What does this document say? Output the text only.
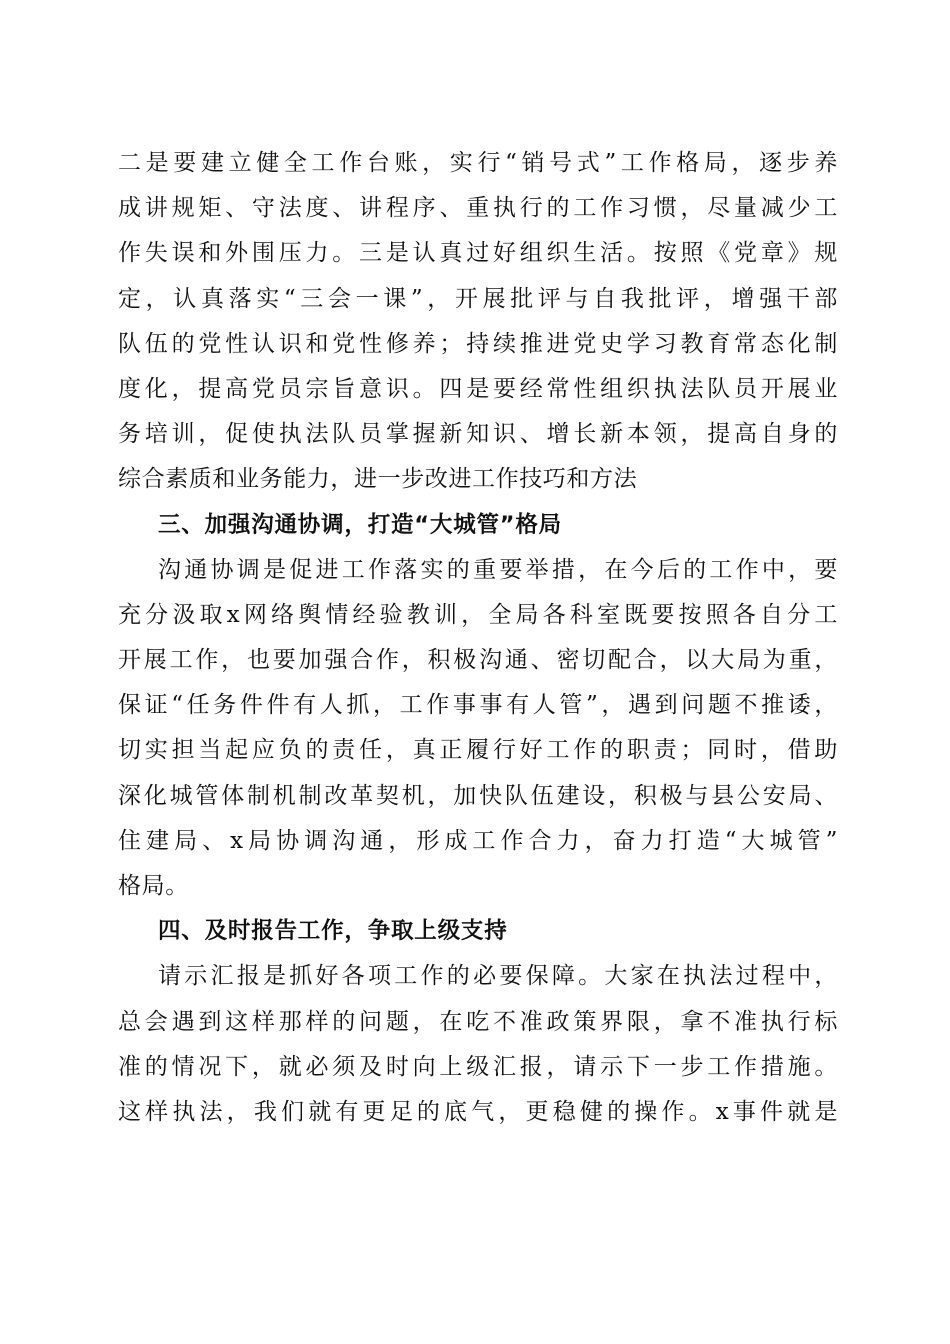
二是要建立健全工作台账，实行“销号式”工作格局，逐步养
成讲规矩、守法度、讲程序、重执行的工作习惯，尽量减少工
作失误和外围压力。三是认真过好组织生活。按照《党章》规
定，认真落实“三会一课”，开展批评与自我批评，增强干部
队伍的党性认识和党性修养；持续推进党史学习教育常态化制
度化，提高党员宗旨意识。四是要经常性组织执法队员开展业
务培训，促使执法队员掌握新知识、增长新本领，提高自身的
综合素质和业务能力，进一步改进工作技巧和方法
三、加强沟通协调，打造“大城管”格局
沟通协调是促进工作落实的重要举措，在今后的工作中，要
充分汲取x网络舆情经验教训，全局各科室既要按照各自分工
开展工作，也要加强合作，积极沟通、密切配合，以大局为重，
保证“任务件件有人抓，工作事事有人管”，遇到问题不推诿，
切实担当起应负的责任，真正履行好工作的职责；同时，借助
深化城管体制机制改革契机，加快队伍建设，积极与县公安局、
住建局、x局协调沟通，形成工作合力，奋力打造“大城管”
格局。
四、及时报告工作，争取上级支持
请示汇报是抓好各项工作的必要保障。大家在执法过程中，
总会遇到这样那样的问题，在吃不准政策界限，拿不准执行标
准的情况下，就必须及时向上级汇报，请示下一步工作措施。
这样执法，我们就有更足的底气，更稳健的操作。x事件就是
